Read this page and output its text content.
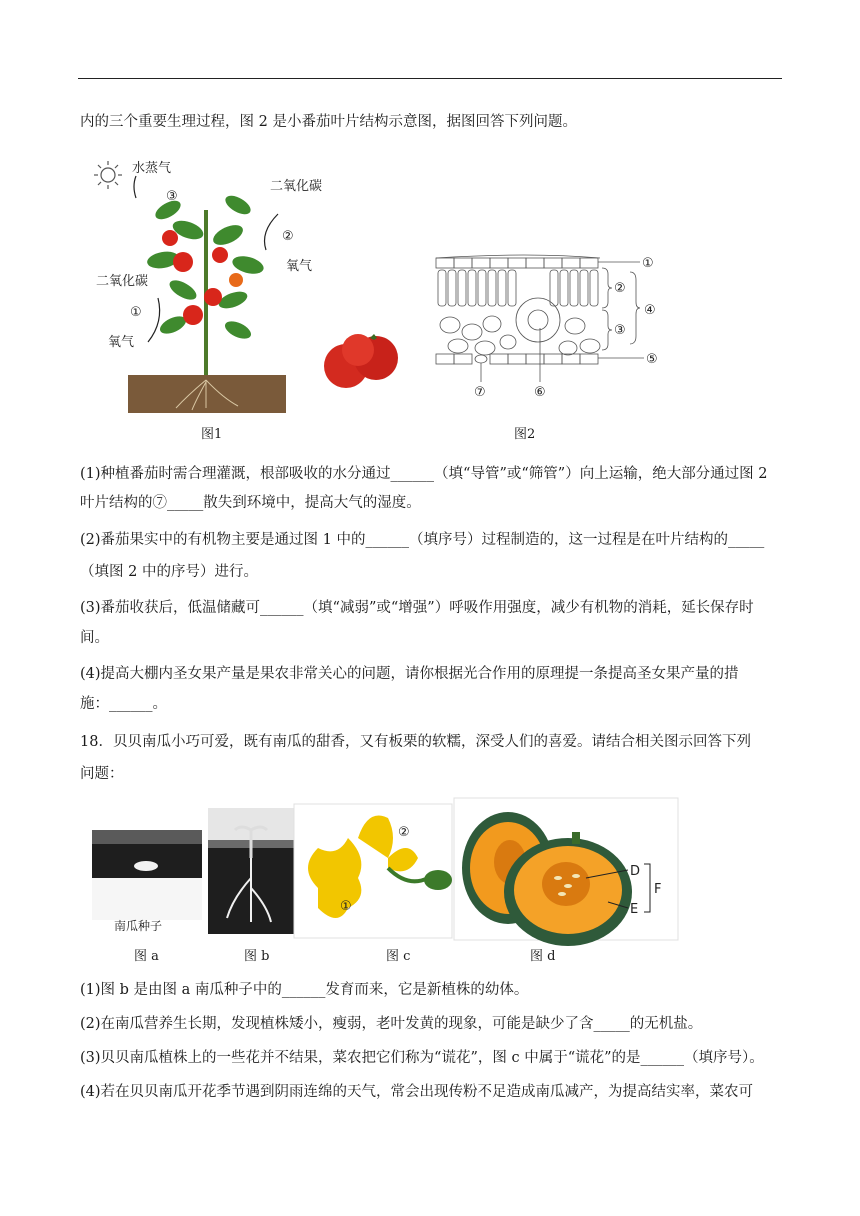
内的三个重要生理过程，图 2 是小番茄叶片结构示意图，据图回答下列问题。

水蒸气
③
二氧化碳
②
氧气
二氧化碳
①
氧气
图1
①
②
③
④
⑤
⑥
⑦
图2

(1)种植番茄时需合理灌溉，根部吸收的水分通过______（填“导管”或“筛管”）向上运输，绝大部分通过图 2

叶片结构的⑦_____散失到环境中，提高大气的湿度。

(2)番茄果实中的有机物主要是通过图 1 中的______（填序号）过程制造的，这一过程是在叶片结构的_____

（填图 2 中的序号）进行。

(3)番茄收获后，低温储藏可______（填“减弱”或“增强”）呼吸作用强度，减少有机物的消耗，延长保存时

间。

(4)提高大棚内圣女果产量是果农非常关心的问题，请你根据光合作用的原理提一条提高圣女果产量的措

施：______。

18．贝贝南瓜小巧可爱，既有南瓜的甜香，又有板栗的软糯，深受人们的喜爱。请结合相关图示回答下列

问题：

南瓜种子
②
①
D
E
F
图 a	图 b	图 c	图 d

(1)图 b 是由图 a 南瓜种子中的______发育而来，它是新植株的幼体。

(2)在南瓜营养生长期，发现植株矮小，瘦弱，老叶发黄的现象，可能是缺少了含_____的无机盐。

(3)贝贝南瓜植株上的一些花并不结果，菜农把它们称为“谎花”，图 c 中属于“谎花”的是______（填序号）。

(4)若在贝贝南瓜开花季节遇到阴雨连绵的天气，常会出现传粉不足造成南瓜减产，为提高结实率，菜农可
